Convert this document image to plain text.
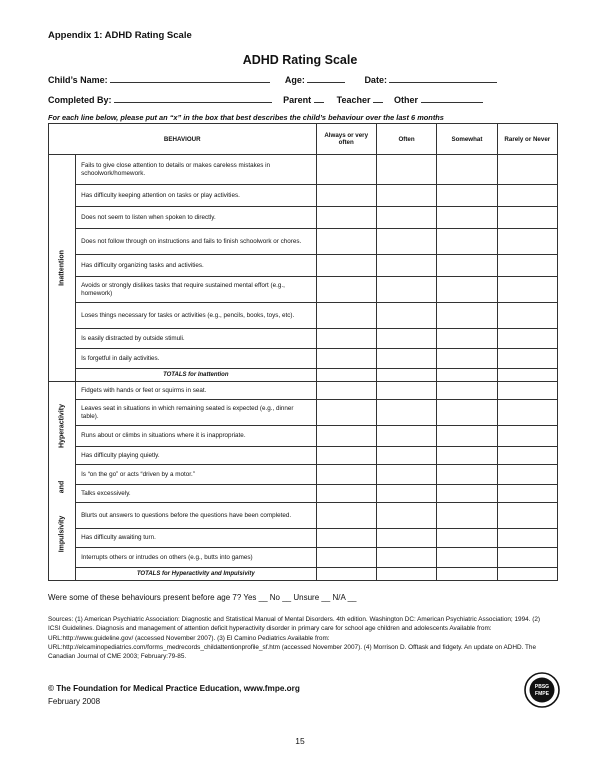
Appendix 1: ADHD Rating Scale
ADHD Rating Scale
Child’s Name:	Age:	Date:
Completed By:	Parent	Teacher	Other
For each line below, please put an “x” in the box that best describes the child’s behaviour over the last 6 months
BEHAVIOUR		Always or very often	Often	Somewhat	Rarely or Never

Inattention	Fails to give close attention to details or makes careless mistakes in schoolwork/homework.				
	Has difficulty keeping attention on tasks or play activities.				
	Does not seem to listen when spoken to directly.				
	Does not follow through on instructions and fails to finish schoolwork or chores.				
	Has difficulty organizing tasks and activities.				
	Avoids or strongly dislikes tasks that require sustained mental effort (e.g., homework)				
	Loses things necessary for tasks or activities (e.g., pencils, books, toys, etc).				
	Is easily distracted by outside stimuli.				
	Is forgetful in daily activities.				
	TOTALS for Inattention				

Hyperactivity
and
Impulsivity	Fidgets with hands or feet or squirms in seat.				
	Leaves seat in situations in which remaining seated is expected (e.g., dinner table).				
	Runs about or climbs in situations where it is inappropriate.				
	Has difficulty playing quietly.				
	Is “on the go” or acts “driven by a motor.”				
	Talks excessively.				
	Blurts out answers to questions before the questions have been completed.				
	Has difficulty awaiting turn.				
	Interrupts others or intrudes on others (e.g., butts into games)				
	TOTALS for Hyperactivity and Impulsivity				
Were some of these behaviours present before age 7? Yes __ No __ Unsure __ N/A __
Sources: (1) American Psychiatric Association: Diagnostic and Statistical Manual of Mental Disorders. 4th edition. Washington DC: American Psychiatric Association; 1994. (2) ICSI Guidelines. Diagnosis and management of attention deficit hyperactivity disorder in primary care for school age children and adolescents Available from: URL:http://www.guideline.gov/ (accessed November 2007). (3) El Camino Pediatrics Available from: URL:http://elcaminopediatrics.com/forms_medrecords_childattentionprofile_sf.htm (accessed November 2007). (4) Morrison D. Offtask and fidgety. An update on ADHD. The Canadian Journal of CME 2003; February:79-85.
© The Foundation for Medical Practice Education, www.fmpe.org
February 2008
PBSG
FMPE
15
